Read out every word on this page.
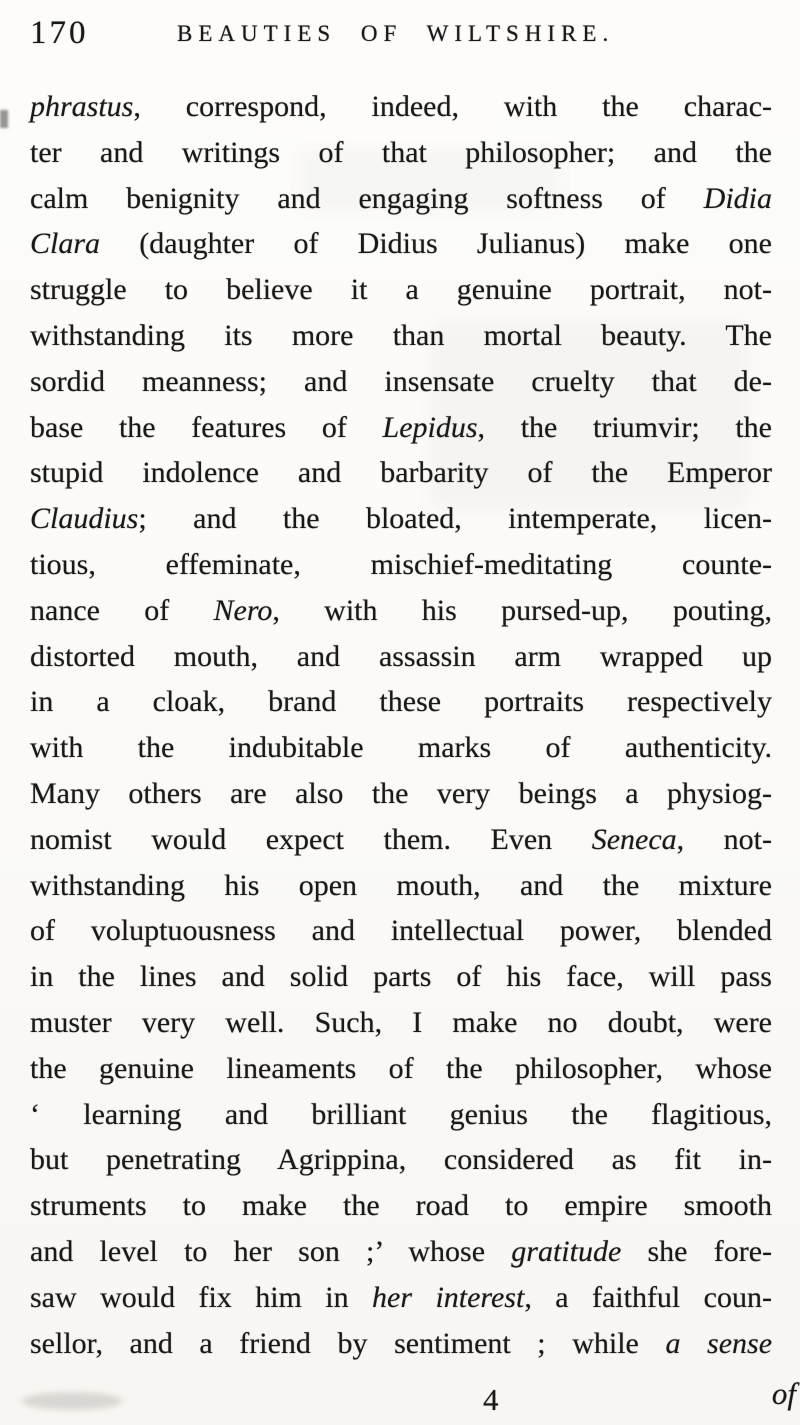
170	BEAUTIES OF WILTSHIRE.
phrastus, correspond, indeed, with the charac-
ter and writings of that philosopher; and the
calm benignity and engaging softness of Didia
Clara (daughter of Didius Julianus) make one
struggle to believe it a genuine portrait, not-
withstanding its more than mortal beauty. The
sordid meanness; and insensate cruelty that de-
base the features of Lepidus, the triumvir; the
stupid indolence and barbarity of the Emperor
Claudius; and the bloated, intemperate, licen-
tious, effeminate, mischief-meditating counte-
nance of Nero, with his pursed-up, pouting,
distorted mouth, and assassin arm wrapped up
in a cloak, brand these portraits respectively
with the indubitable marks of authenticity.
Many others are also the very beings a physiog-
nomist would expect them. Even Seneca, not-
withstanding his open mouth, and the mixture
of voluptuousness and intellectual power, blended
in the lines and solid parts of his face, will pass
muster very well. Such, I make no doubt, were
the genuine lineaments of the philosopher, whose
‘ learning and brilliant genius the flagitious,
but penetrating Agrippina, considered as fit in-
struments to make the road to empire smooth
and level to her son ;’ whose gratitude she fore-
saw would fix him in her interest, a faithful coun-
sellor, and a friend by sentiment ; while a sense
4	of
